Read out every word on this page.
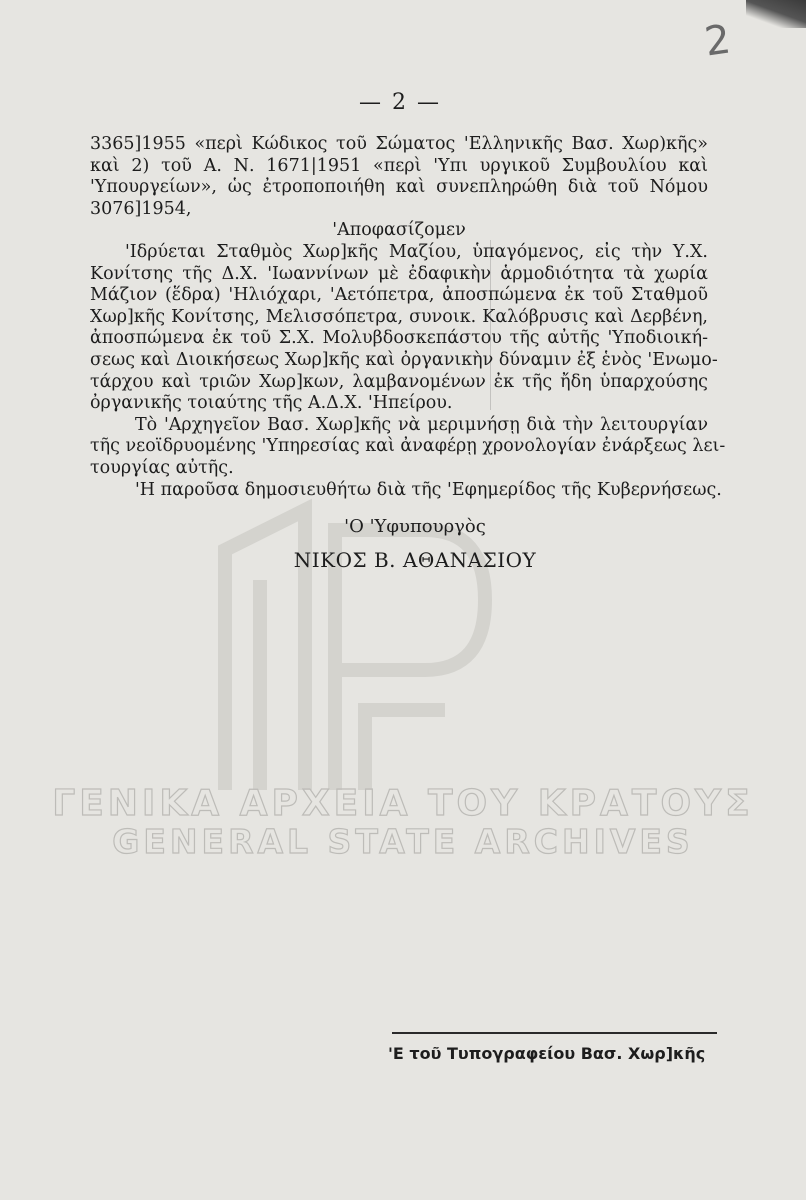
2
— 2 —
ΓΕΝΙΚΑ ΑΡΧΕΙΑ ΤΟΥ ΚΡΑΤΟΥΣ
GENERAL STATE ARCHIVES
3365]1955 «περὶ Κώδικος τοῦ Σώματος 'Ελληνικῆς Βασ. Χωρ)κῆς»
καὶ 2) τοῦ Α. Ν. 1671|1951 «περὶ 'Υπι υργικοῦ Συμβουλίου καὶ
'Υπουργείων», ὡς ἐτροποποιήθη καὶ συνεπληρώθη διὰ τοῦ Νόμου
3076]1954,
'Αποφασίζομεν
'Ιδρύεται Σταθμὸς Χωρ]κῆς Μαζίου, ὑπαγόμενος, εἰς τὴν Υ.Χ.
Κονίτσης τῆς Δ.Χ. 'Ιωαννίνων μὲ ἐδαφικὴν ἁρμοδιότητα τὰ χωρία
Μάζιον (ἕδρα) 'Ηλιόχαρι, 'Αετόπετρα, ἀποσπώμενα ἐκ τοῦ Σταθμοῦ
Χωρ]κῆς Κονίτσης, Μελισσόπετρα, συνοικ. Καλόβρυσις καὶ Δερβένη,
ἀποσπώμενα ἐκ τοῦ Σ.Χ. Μολυβδοσκεπάστου τῆς αὐτῆς 'Υποδιοική-
σεως καὶ Διοικήσεως Χωρ]κῆς καὶ ὀργανικὴν δύναμιν ἐξ ἑνὸς 'Ενωμο-
τάρχου καὶ τριῶν Χωρ]κων, λαμβανομένων ἐκ τῆς ἤδη ὑπαρχούσης
ὀργανικῆς τοιαύτης τῆς Α.Δ.Χ. 'Ηπείρου.
Τὸ 'Αρχηγεῖον Βασ. Χωρ]κῆς νὰ μεριμνήσῃ διὰ τὴν λειτουργίαν
τῆς νεοϊδρυομένης 'Υπηρεσίας καὶ ἀναφέρῃ χρονολογίαν ἐνάρξεως λει-
τουργίας αὐτῆς.
'Η παροῦσα δημοσιευθήτω διὰ τῆς 'Εφημερίδος τῆς Κυβερνήσεως.
'Ο 'Υφυπουργὸς
ΝΙΚΟΣ Β. ΑΘΑΝΑΣΙΟΥ
'Ε τοῦ Τυπογραφείου Βασ. Χωρ]κῆς
